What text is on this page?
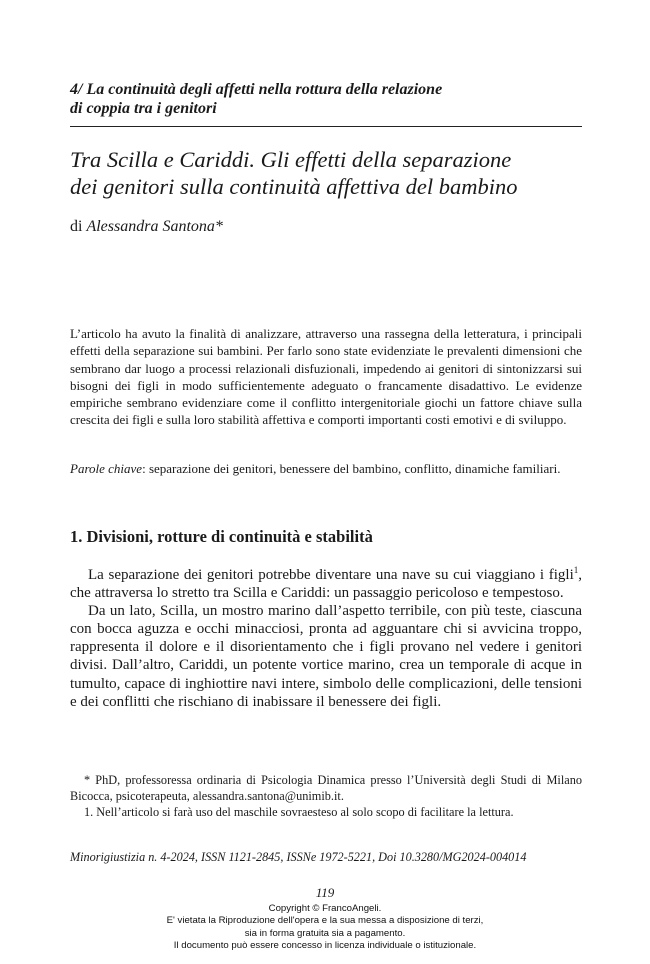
4/ La continuità degli affetti nella rottura della relazione
di coppia tra i genitori
Tra Scilla e Cariddi. Gli effetti della separazione
dei genitori sulla continuità affettiva del bambino
di Alessandra Santona*
L’articolo ha avuto la finalità di analizzare, attraverso una rassegna della letteratura, i principali effetti della separazione sui bambini. Per farlo sono state evidenziate le prevalenti dimensioni che sembrano dar luogo a processi relazionali disfuzionali, impedendo ai genitori di sintonizzarsi sui bisogni dei figli in modo sufficientemente adeguato o francamente disadattivo. Le evidenze empiriche sembrano evidenziare come il conflitto intergenitoriale giochi un fattore chiave sulla crescita dei figli e sulla loro stabilità affettiva e comporti importanti costi emotivi e di sviluppo.
Parole chiave: separazione dei genitori, benessere del bambino, conflitto, dinamiche familiari.
1. Divisioni, rotture di continuità e stabilità

La separazione dei genitori potrebbe diventare una nave su cui viaggiano i figli$^1$, che attraversa lo stretto tra Scilla e Cariddi: un passaggio pericoloso e tempestoso.

Da un lato, Scilla, un mostro marino dall’aspetto terribile, con più teste, ciascuna con bocca aguzza e occhi minacciosi, pronta ad agguantare chi si avvicina troppo, rappresenta il dolore e il disorientamento che i figli provano nel vedere i genitori divisi. Dall’altro, Cariddi, un potente vortice marino, crea un temporale di acque in tumulto, capace di inghiottire navi intere, simbolo delle complicazioni, delle tensioni e dei conflitti che rischiano di inabissare il benessere dei figli.

* PhD, professoressa ordinaria di Psicologia Dinamica presso l’Università degli Studi di Milano Bicocca, psicoterapeuta, alessandra.santona@unimib.it.

1. Nell’articolo si farà uso del maschile sovraesteso al solo scopo di facilitare la lettura.

Minorigiustizia n. 4-2024, ISSN 1121-2845, ISSNe 1972-5221, Doi 10.3280/MG2024-004014
119
Copyright © FrancoAngeli.
E' vietata la Riproduzione dell'opera e la sua messa a disposizione di terzi,
sia in forma gratuita sia a pagamento.
Il documento può essere concesso in licenza individuale o istituzionale.
